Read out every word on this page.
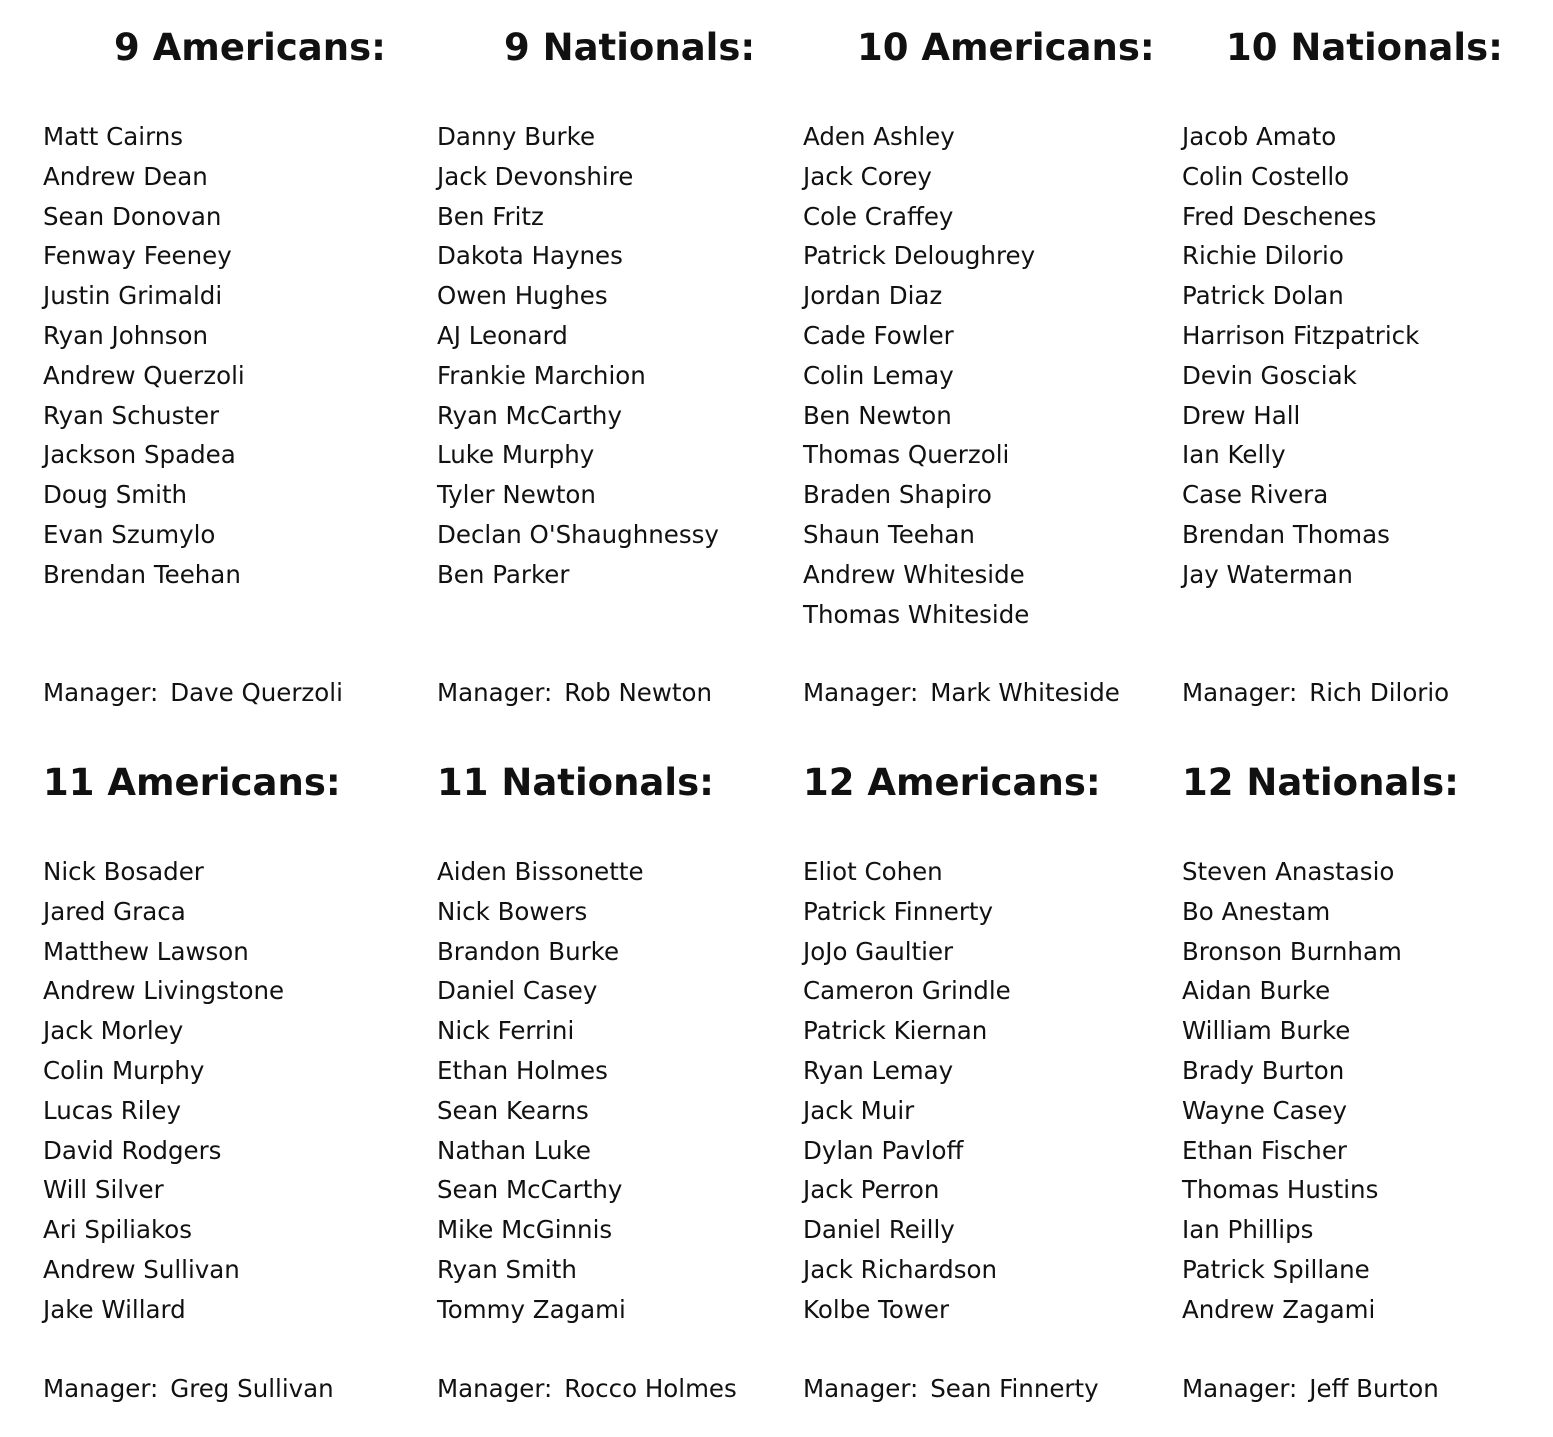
9 Americans:
Matt Cairns
Andrew Dean
Sean Donovan
Fenway Feeney
Justin Grimaldi
Ryan Johnson
Andrew Querzoli
Ryan Schuster
Jackson Spadea
Doug Smith
Evan Szumylo
Brendan Teehan
Manager: Dave Querzoli
9 Nationals:
Danny Burke
Jack Devonshire
Ben Fritz
Dakota Haynes
Owen Hughes
AJ Leonard
Frankie Marchion
Ryan McCarthy
Luke Murphy
Tyler Newton
Declan O'Shaughnessy
Ben Parker
Manager: Rob Newton
10 Americans:
Aden Ashley
Jack Corey
Cole Craffey
Patrick Deloughrey
Jordan Diaz
Cade Fowler
Colin Lemay
Ben Newton
Thomas Querzoli
Braden Shapiro
Shaun Teehan
Andrew Whiteside
Thomas Whiteside
Manager: Mark Whiteside
10 Nationals:
Jacob Amato
Colin Costello
Fred Deschenes
Richie Dilorio
Patrick Dolan
Harrison Fitzpatrick
Devin Gosciak
Drew Hall
Ian Kelly
Case Rivera
Brendan Thomas
Jay Waterman
Manager: Rich Dilorio
11 Americans:
Nick Bosader
Jared Graca
Matthew Lawson
Andrew Livingstone
Jack Morley
Colin Murphy
Lucas Riley
David Rodgers
Will Silver
Ari Spiliakos
Andrew Sullivan
Jake Willard
Manager: Greg Sullivan
11 Nationals:
Aiden Bissonette
Nick Bowers
Brandon Burke
Daniel Casey
Nick Ferrini
Ethan Holmes
Sean Kearns
Nathan Luke
Sean McCarthy
Mike McGinnis
Ryan Smith
Tommy Zagami
Manager: Rocco Holmes
12 Americans:
Eliot Cohen
Patrick Finnerty
JoJo Gaultier
Cameron Grindle
Patrick Kiernan
Ryan Lemay
Jack Muir
Dylan Pavloff
Jack Perron
Daniel Reilly
Jack Richardson
Kolbe Tower
Manager: Sean Finnerty
12 Nationals:
Steven Anastasio
Bo Anestam
Bronson Burnham
Aidan Burke
William Burke
Brady Burton
Wayne Casey
Ethan Fischer
Thomas Hustins
Ian Phillips
Patrick Spillane
Andrew Zagami
Manager: Jeff Burton
